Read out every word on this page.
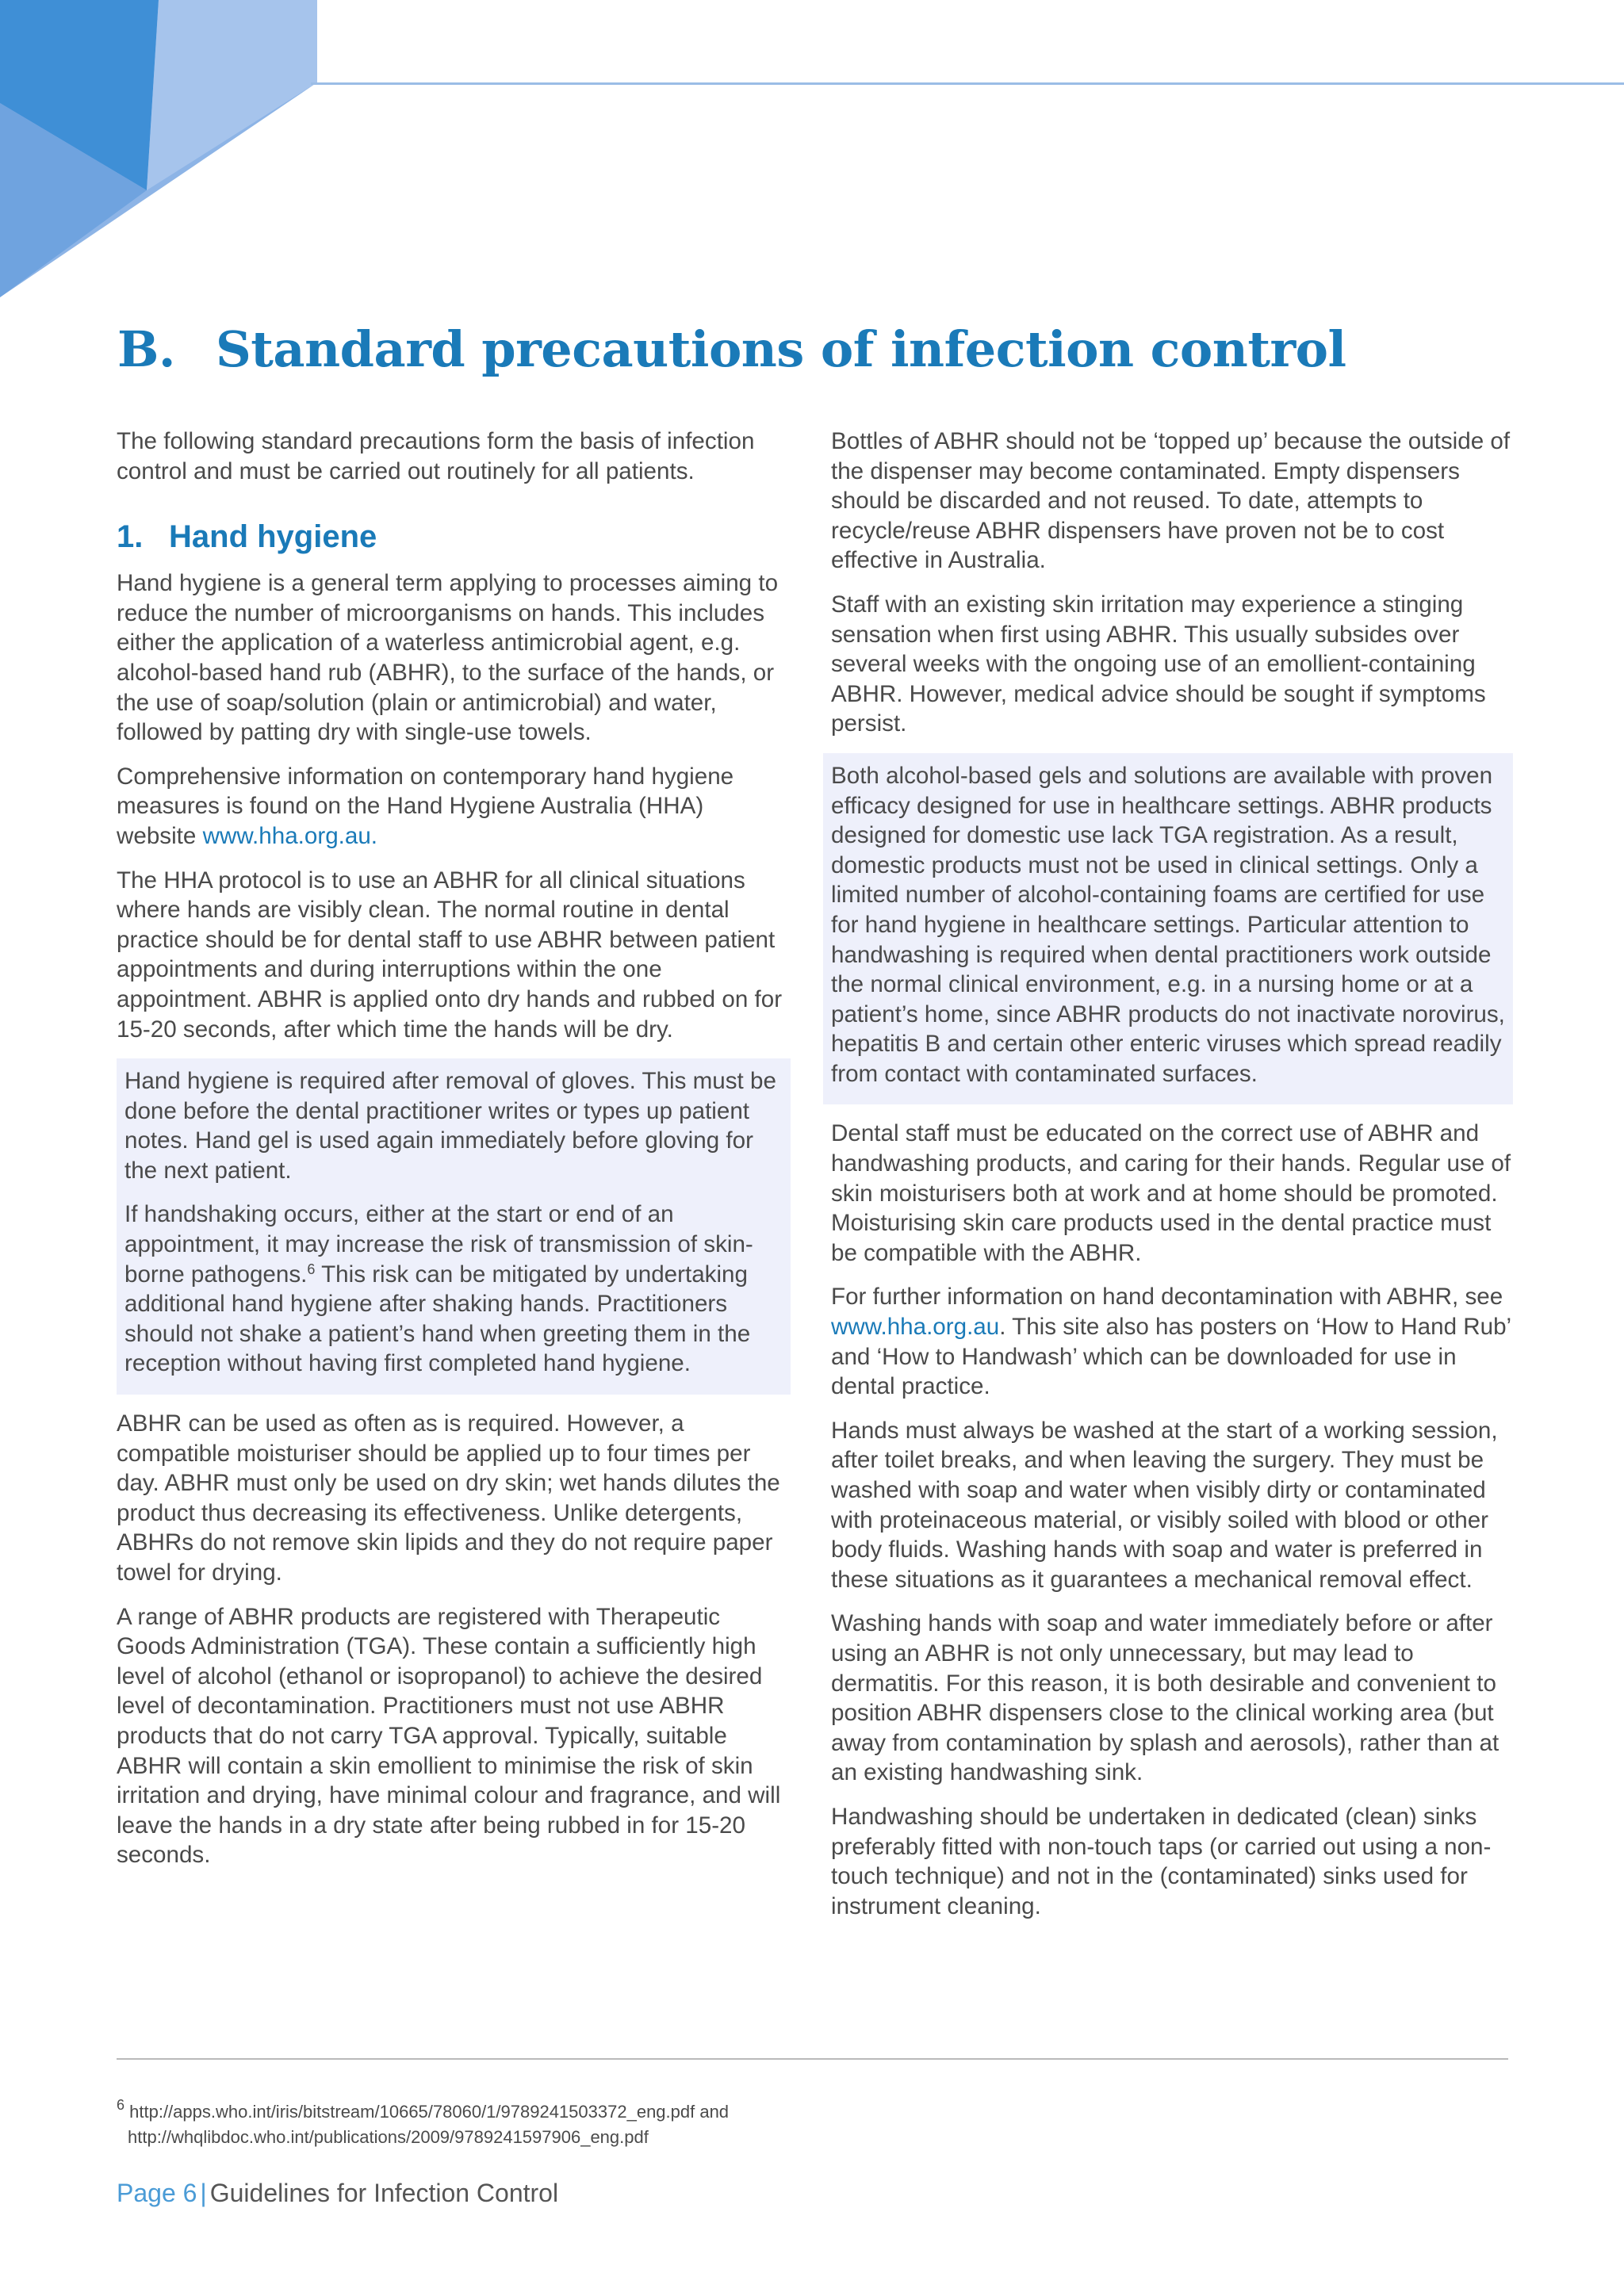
B. Standard precautions of infection control

The following standard precautions form the basis of infection control and must be carried out routinely for all patients.

1. Hand hygiene

Hand hygiene is a general term applying to processes aiming to reduce the number of microorganisms on hands. This includes either the application of a waterless antimicrobial agent, e.g. alcohol-based hand rub (ABHR), to the surface of the hands, or the use of soap/solution (plain or antimicrobial) and water, followed by patting dry with single-use towels.

Comprehensive information on contemporary hand hygiene measures is found on the Hand Hygiene Australia (HHA) website www.hha.org.au.

The HHA protocol is to use an ABHR for all clinical situations where hands are visibly clean. The normal routine in dental practice should be for dental staff to use ABHR between patient appointments and during interruptions within the one appointment. ABHR is applied onto dry hands and rubbed on for 15-20 seconds, after which time the hands will be dry.

Hand hygiene is required after removal of gloves. This must be done before the dental practitioner writes or types up patient notes. Hand gel is used again immediately before gloving for the next patient.

If handshaking occurs, either at the start or end of an appointment, it may increase the risk of transmission of skin-borne pathogens.$^6$ This risk can be mitigated by undertaking additional hand hygiene after shaking hands. Practitioners should not shake a patient’s hand when greeting them in the reception without having first completed hand hygiene.

ABHR can be used as often as is required. However, a compatible moisturiser should be applied up to four times per day. ABHR must only be used on dry skin; wet hands dilutes the product thus decreasing its effectiveness. Unlike detergents, ABHRs do not remove skin lipids and they do not require paper towel for drying.

A range of ABHR products are registered with Therapeutic Goods Administration (TGA). These contain a sufficiently high level of alcohol (ethanol or isopropanol) to achieve the desired level of decontamination. Practitioners must not use ABHR products that do not carry TGA approval. Typically, suitable ABHR will contain a skin emollient to minimise the risk of skin irritation and drying, have minimal colour and fragrance, and will leave the hands in a dry state after being rubbed in for 15-20 seconds.

Bottles of ABHR should not be ‘topped up’ because the outside of the dispenser may become contaminated. Empty dispensers should be discarded and not reused. To date, attempts to recycle/reuse ABHR dispensers have proven not be to cost effective in Australia.

Staff with an existing skin irritation may experience a stinging sensation when first using ABHR. This usually subsides over several weeks with the ongoing use of an emollient-containing ABHR. However, medical advice should be sought if symptoms persist.

Both alcohol-based gels and solutions are available with proven efficacy designed for use in healthcare settings. ABHR products designed for domestic use lack TGA registration. As a result, domestic products must not be used in clinical settings. Only a limited number of alcohol-containing foams are certified for use for hand hygiene in healthcare settings. Particular attention to handwashing is required when dental practitioners work outside the normal clinical environment, e.g. in a nursing home or at a patient’s home, since ABHR products do not inactivate norovirus, hepatitis B and certain other enteric viruses which spread readily from contact with contaminated surfaces.

Dental staff must be educated on the correct use of ABHR and handwashing products, and caring for their hands. Regular use of skin moisturisers both at work and at home should be promoted. Moisturising skin care products used in the dental practice must be compatible with the ABHR.

For further information on hand decontamination with ABHR, see www.hha.org.au. This site also has posters on ‘How to Hand Rub’ and ‘How to Handwash’ which can be downloaded for use in dental practice.

Hands must always be washed at the start of a working session, after toilet breaks, and when leaving the surgery. They must be washed with soap and water when visibly dirty or contaminated with proteinaceous material, or visibly soiled with blood or other body fluids. Washing hands with soap and water is preferred in these situations as it guarantees a mechanical removal effect.

Washing hands with soap and water immediately before or after using an ABHR is not only unnecessary, but may lead to dermatitis. For this reason, it is both desirable and convenient to position ABHR dispensers close to the clinical working area (but away from contamination by splash and aerosols), rather than at an existing handwashing sink.

Handwashing should be undertaken in dedicated (clean) sinks preferably fitted with non-touch taps (or carried out using a non-touch technique) and not in the (contaminated) sinks used for instrument cleaning.

$^6$ http://apps.who.int/iris/bitstream/10665/78060/1/9789241503372_eng.pdf and
http://whqlibdoc.who.int/publications/2009/9789241597906_eng.pdf
Page 6 | Guidelines for Infection Control
